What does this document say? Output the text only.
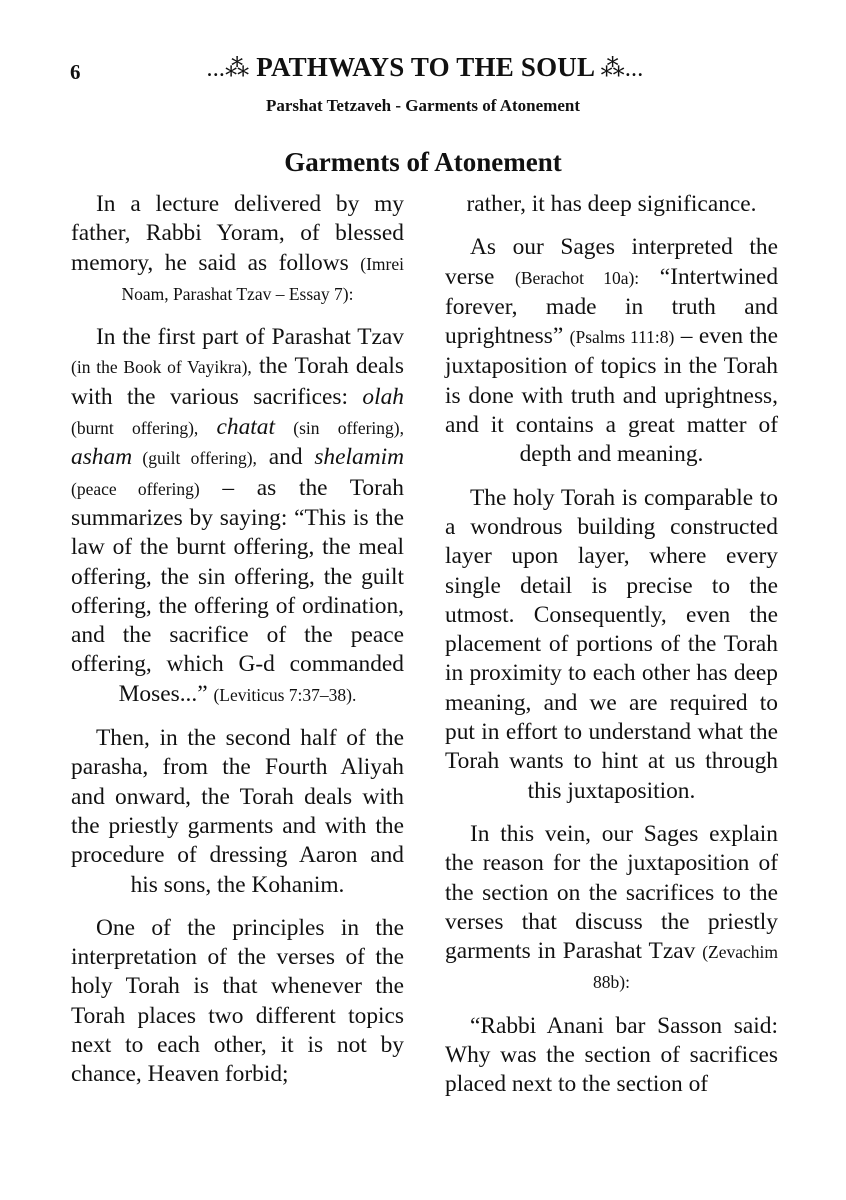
6	...⁂ PATHWAYS TO THE SOUL ⁂...
Parshat Tetzaveh - Garments of Atonement
Garments of Atonement

In a lecture delivered by my father, Rabbi Yoram, of blessed memory, he said as follows (Imrei Noam, Parashat Tzav – Essay 7):

In the first part of Parashat Tzav (in the Book of Vayikra), the Torah deals with the various sacrifices: olah (burnt offering), chatat (sin offering), asham (guilt offering), and shelamim (peace offering) – as the Torah summarizes by saying: “This is the law of the burnt offering, the meal offering, the sin offering, the guilt offering, the offering of ordination, and the sacrifice of the peace offering, which G-d commanded Moses...” (Leviticus 7:37–38).

Then, in the second half of the parasha, from the Fourth Aliyah and onward, the Torah deals with the priestly garments and with the procedure of dressing Aaron and his sons, the Kohanim.

One of the principles in the interpretation of the verses of the holy Torah is that whenever the Torah places two different topics next to each other, it is not by chance, Heaven forbid;

rather, it has deep significance.

As our Sages interpreted the verse (Berachot 10a): “Intertwined forever, made in truth and uprightness” (Psalms 111:8) – even the juxtaposition of topics in the Torah is done with truth and uprightness, and it contains a great matter of depth and meaning.

The holy Torah is comparable to a wondrous building constructed layer upon layer, where every single detail is precise to the utmost. Consequently, even the placement of portions of the Torah in proximity to each other has deep meaning, and we are required to put in effort to understand what the Torah wants to hint at us through this juxtaposition.

In this vein, our Sages explain the reason for the juxtaposition of the section on the sacrifices to the verses that discuss the priestly garments in Parashat Tzav (Zevachim 88b):

“Rabbi Anani bar Sasson said: Why was the section of sacrifices placed next to the section of
